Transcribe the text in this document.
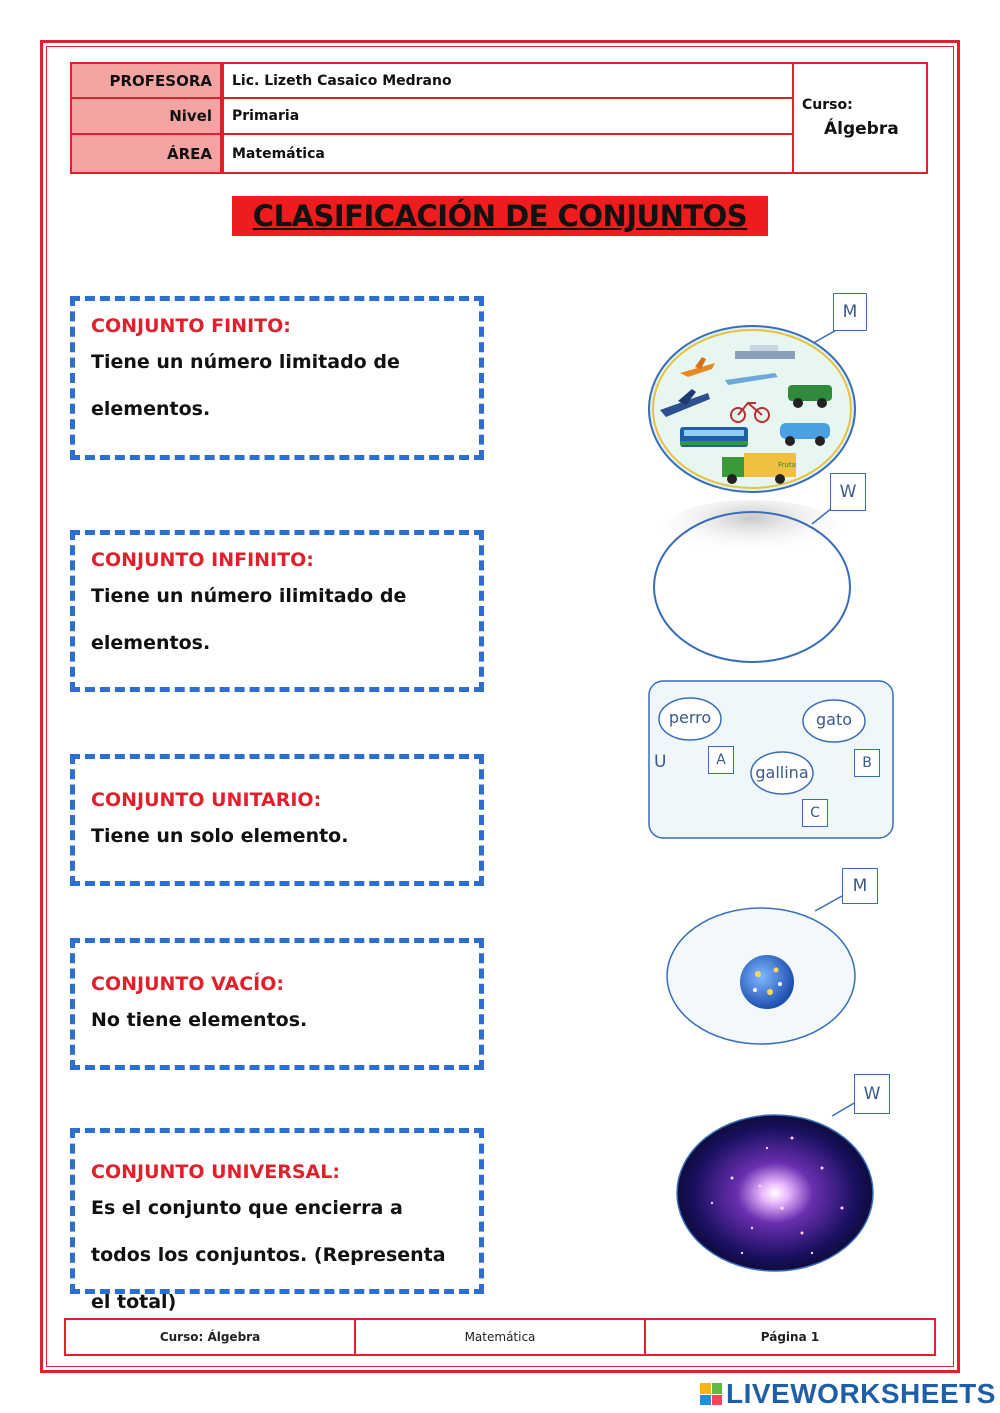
PROFESORA	Lic. Lizeth Casaico Medrano
Nivel	Primaria
ÁREA	Matemática
Curso:
Álgebra
CLASIFICACIÓN DE CONJUNTOS
CONJUNTO FINITO:
Tiene un número limitado de elementos.
CONJUNTO INFINITO:
Tiene un número ilimitado de elementos.
CONJUNTO UNITARIO:
Tiene un solo elemento.
CONJUNTO VACÍO:
No tiene elementos.
CONJUNTO UNIVERSAL:
Es el conjunto que encierra a todos los conjuntos. (Representa el total)
Fruta
M
W
U
perro
A
gato
B
gallina
C
M
W
Curso: Álgebra	Matemática	Página 1
LIVEWORKSHEETS
